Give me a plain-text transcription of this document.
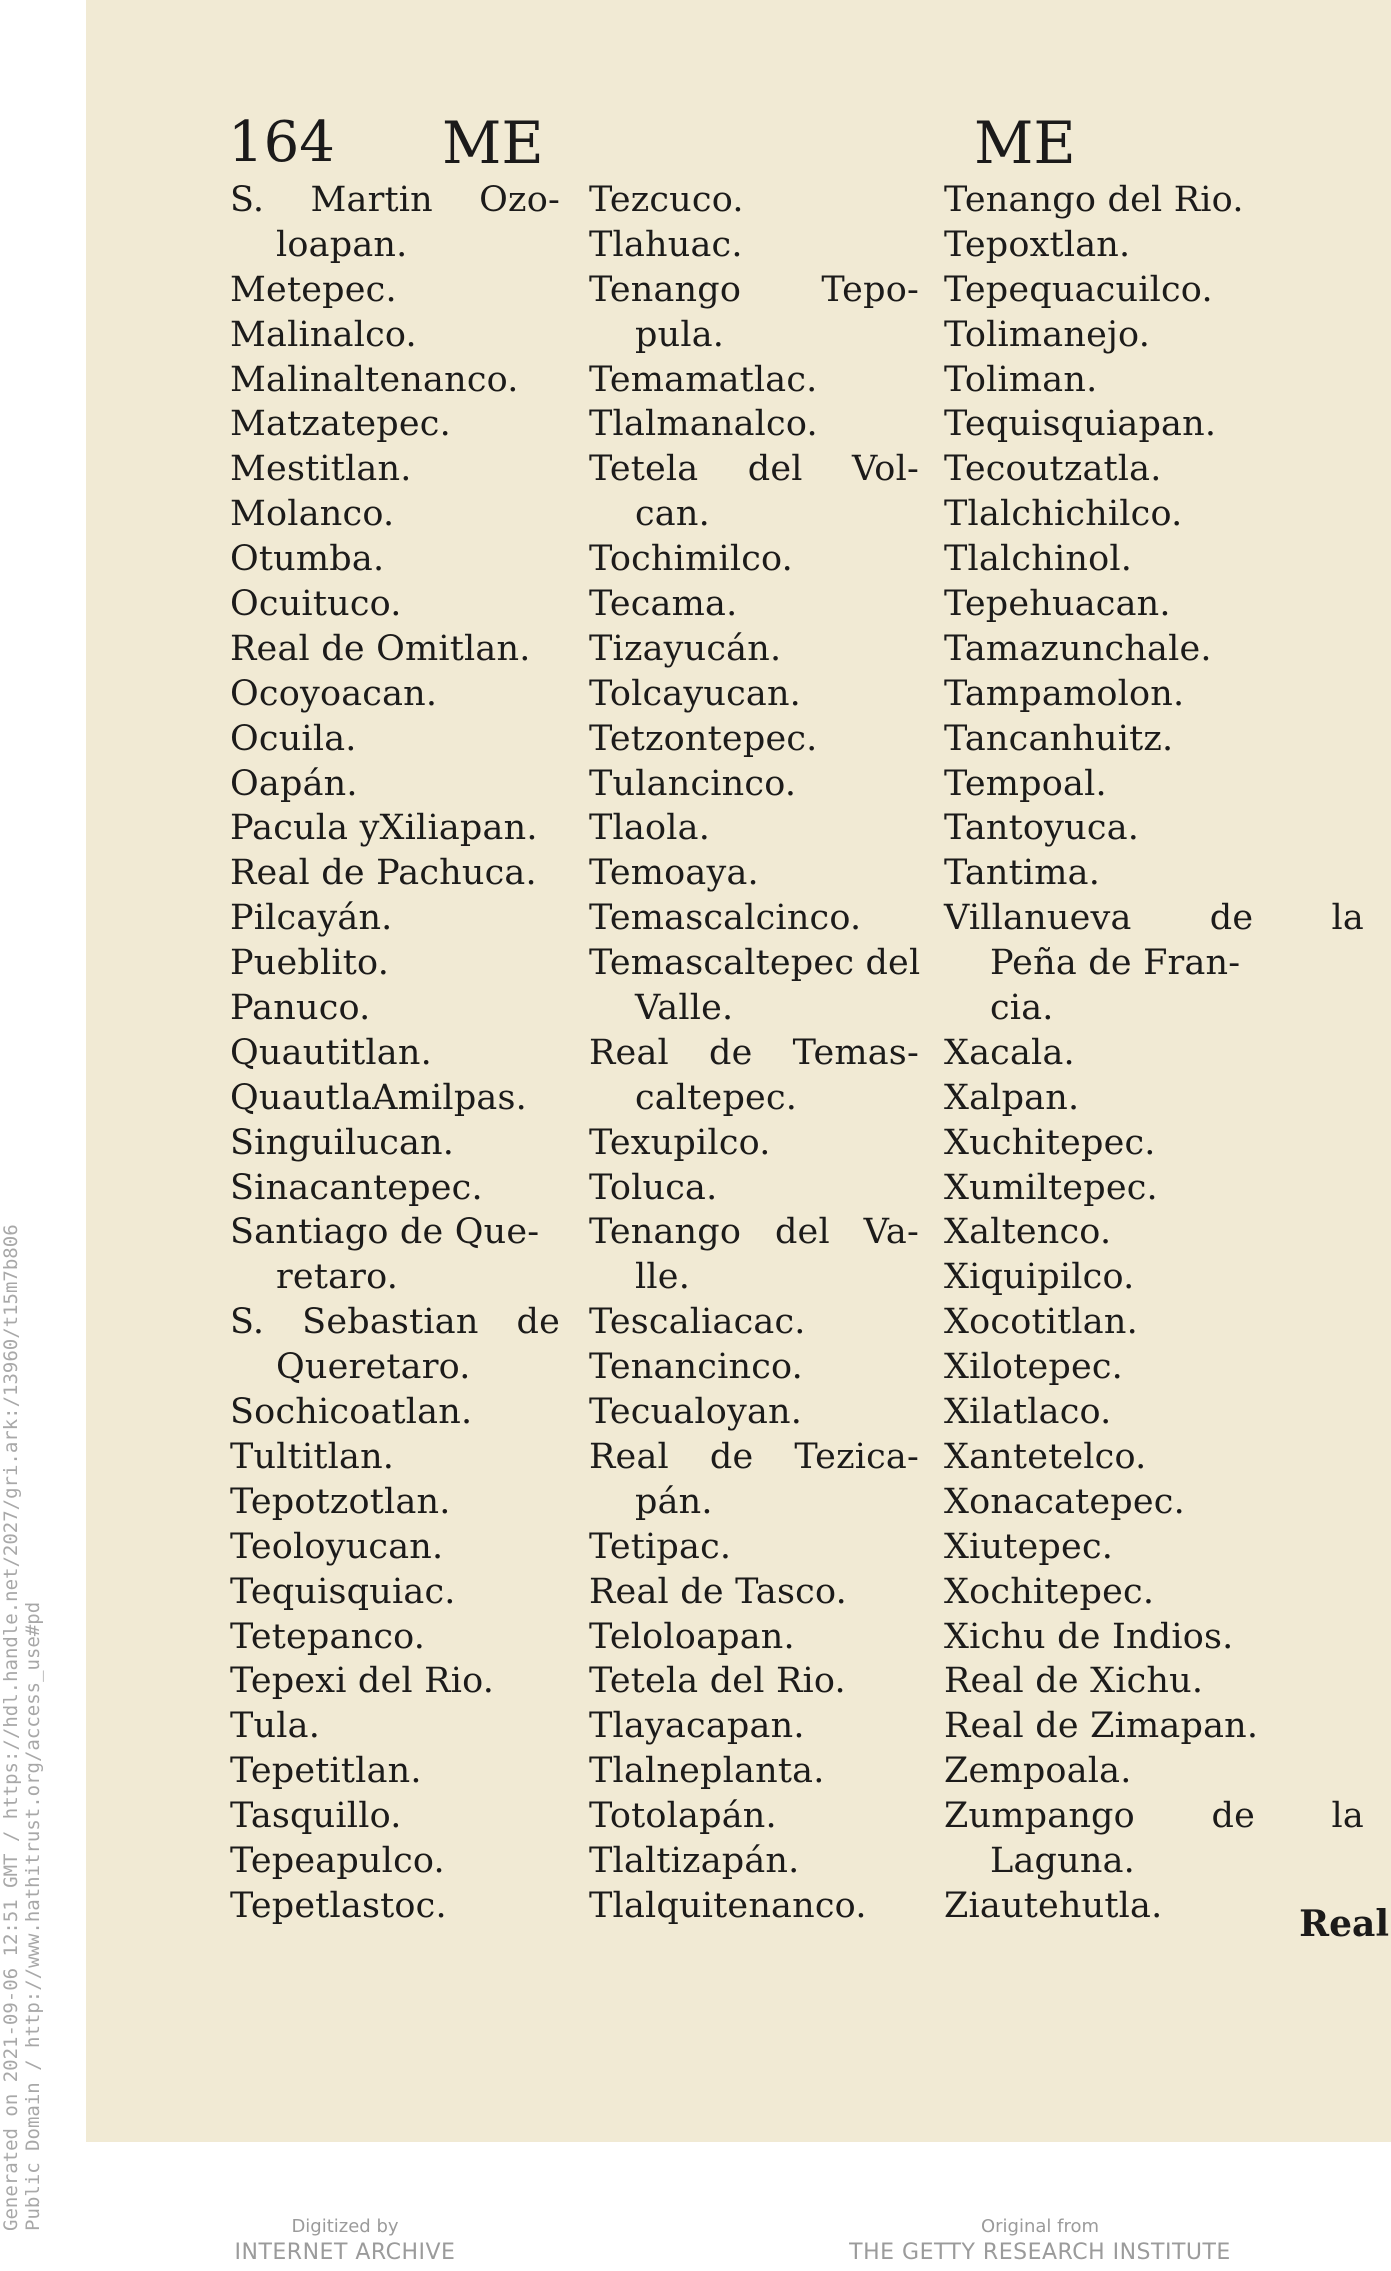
Generated on 2021-09-06 12:51 GMT / https://hdl.handle.net/2027/gri.ark:/13960/t15m7b806 Public Domain / http://www.hathitrust.org/access_use#pd
164 ME	ME
S. Martin Ozo-
loapan.
Metepec.
Malinalco.
Malinaltenanco.
Matzatepec.
Mestitlan.
Molanco.
Otumba.
Ocuituco.
Real de Omitlan.
Ocoyoacan.
Ocuila.
Oapán.
Pacula yXiliapan.
Real de Pachuca.
Pilcayán.
Pueblito.
Panuco.
Quautitlan.
QuautlaAmilpas.
Singuilucan.
Sinacantepec.
Santiago de Que-
retaro.
S. Sebastian de
Queretaro.
Sochicoatlan.
Tultitlan.
Tepotzotlan.
Teoloyucan.
Tequisquiac.
Tetepanco.
Tepexi del Rio.
Tula.
Tepetitlan.
Tasquillo.
Tepeapulco.
Tepetlastoc.
Tezcuco.
Tlahuac.
Tenango Tepo-
pula.
Temamatlac.
Tlalmanalco.
Tetela del Vol-
can.
Tochimilco.
Tecama.
Tizayucán.
Tolcayucan.
Tetzontepec.
Tulancinco.
Tlaola.
Temoaya.
Temascalcinco.
Temascaltepec del
Valle.
Real de Temas-
caltepec.
Texupilco.
Toluca.
Tenango del Va-
lle.
Tescaliacac.
Tenancinco.
Tecualoyan.
Real de Tezica-
pán.
Tetipac.
Real de Tasco.
Teloloapan.
Tetela del Rio.
Tlayacapan.
Tlalneplanta.
Totolapán.
Tlaltizapán.
Tlalquitenanco.
Tenango del Rio.
Tepoxtlan.
Tepequacuilco.
Tolimanejo.
Toliman.
Tequisquiapan.
Tecoutzatla.
Tlalchichilco.
Tlalchinol.
Tepehuacan.
Tamazunchale.
Tampamolon.
Tancanhuitz.
Tempoal.
Tantoyuca.
Tantima.
Villanueva de la
Peña de Fran-
cia.
Xacala.
Xalpan.
Xuchitepec.
Xumiltepec.
Xaltenco.
Xiquipilco.
Xocotitlan.
Xilotepec.
Xilatlaco.
Xantetelco.
Xonacatepec.
Xiutepec.
Xochitepec.
Xichu de Indios.
Real de Xichu.
Real de Zimapan.
Zempoala.
Zumpango de la
Laguna.
Ziautehutla.	Real
Digitized by
INTERNET ARCHIVE
Original from
THE GETTY RESEARCH INSTITUTE
